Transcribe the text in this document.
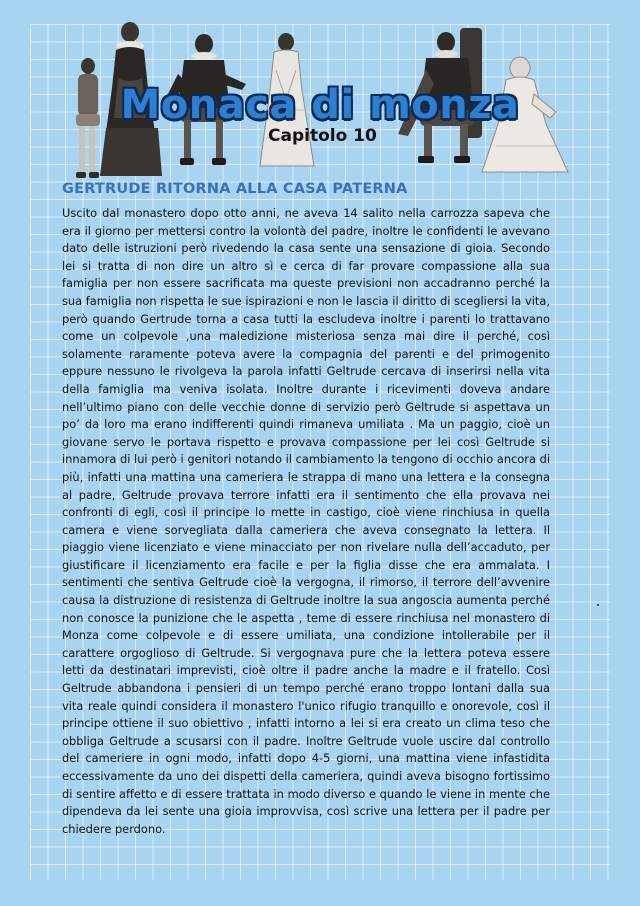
Monaca di monza
Capitolo 10
GERTRUDE RITORNA ALLA CASA PATERNA
Uscito dal monastero dopo otto anni, ne aveva 14 salito nella carrozza sapeva che era il giorno per mettersi contro la volontà del padre, inoltre le confidenti le avevano dato delle istruzioni però rivedendo la casa sente una sensazione di gioia. Secondo lei si tratta di non dire un altro sì e cerca di far provare compassione alla sua famiglia per non essere sacrificata ma queste previsioni non accadranno perché la sua famiglia non rispetta le sue ispirazioni e non le lascia il diritto di scegliersi la vita, però quando Gertrude torna a casa tutti la escludeva inoltre i parenti lo trattavano come un colpevole ,una maledizione misteriosa senza mai dire il perché, così solamente raramente poteva avere la compagnia del parenti e del primogenito eppure nessuno le rivolgeva la parola infatti Geltrude cercava di inserirsi nella vita della famiglia ma veniva isolata. Inoltre durante i ricevimenti doveva andare nell’ultimo piano con delle vecchie donne di servizio però Geltrude si aspettava un po’ da loro ma erano indifferenti quindi rimaneva umiliata . Ma un paggio, cioè un giovane servo le portava rispetto e provava compassione per lei così Geltrude si innamora di lui però i genitori notando il cambiamento la tengono di occhio ancora di più, infatti una mattina una cameriera le strappa di mano una lettera e la consegna al padre, Geltrude provava terrore infatti era il sentimento che ella provava nei confronti di egli, così il principe lo mette in castigo, cioè viene rinchiusa in quella camera e viene sorvegliata dalla cameriera che aveva consegnato la lettera. Il piaggio viene licenziato e viene minacciato per non rivelare nulla dell’accaduto, per giustificare il licenziamento era facile e per la figlia disse che era ammalata. I sentimenti che sentiva Geltrude cioè la vergogna, il rimorso, il terrore dell’avvenire causa la distruzione di resistenza di Geltrude inoltre la sua angoscia aumenta perché non conosce la punizione che le aspetta , teme di essere rinchiusa nel monastero di Monza come colpevole e di essere umiliata, una condizione intollerabile per il carattere orgoglioso di Geltrude. Si vergognava pure che la lettera poteva essere letti da destinatari imprevisti, cioè oltre il padre anche la madre e il fratello. Così Geltrude abbandona i pensieri di un tempo perché erano troppo lontani dalla sua vita reale quindi considera il monastero l'unico rifugio tranquillo e onorevole, così il principe ottiene il suo obiettivo , infatti intorno a lei si era creato un clima teso che obbliga Geltrude a scusarsi con il padre. Inoltre Geltrude vuole uscire dal controllo del cameriere in ogni modo, infatti dopo 4-5 giorni, una mattina viene infastidita eccessivamente da uno dei dispetti della cameriera, quindi aveva bisogno fortissimo di sentire affetto e di essere trattata in modo diverso e quando le viene in mente che dipendeva da lei sente una gioia improvvisa, così scrive una lettera per il padre per chiedere perdono.
